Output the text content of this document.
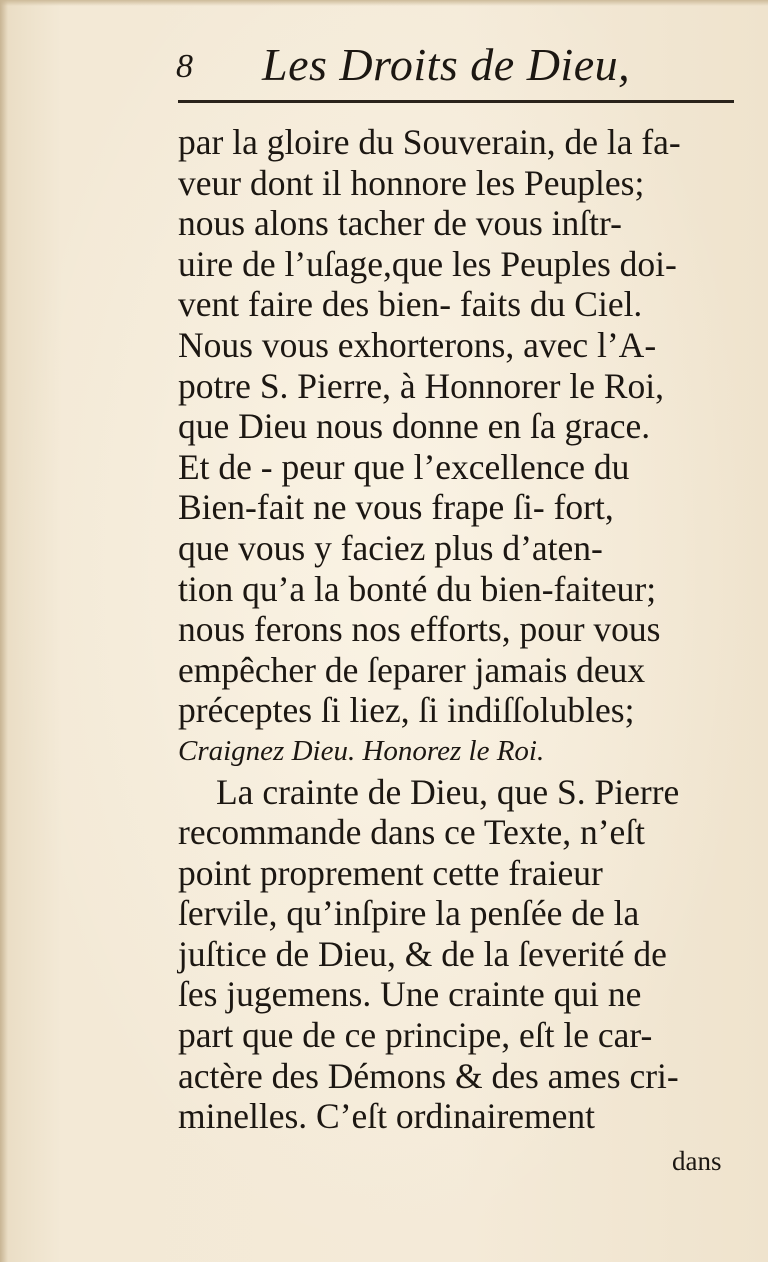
8 Les Droits de Dieu,
par la gloire du Souverain, de la fa-
veur dont il honnore les Peuples;
nous alons tacher de vous inſtr-
uire de l’uſage,que les Peuples doi-
vent faire des bien- faits du Ciel.
Nous vous exhorterons, avec l’A-
potre S. Pierre, à Honnorer le Roi,
que Dieu nous donne en ſa grace.
Et de - peur que l’excellence du
Bien-fait ne vous frape ſi- fort,
que vous y faciez plus d’aten-
tion qu’a la bonté du bien-faiteur;
nous ferons nos efforts, pour vous
empêcher de ſeparer jamais deux
préceptes ſi liez, ſi indiſſolubles;
Craignez Dieu. Honorez le Roi.
La crainte de Dieu, que S. Pierre
recommande dans ce Texte, n’eſt
point proprement cette fraieur
ſervile, qu’inſpire la penſée de la
juſtice de Dieu, & de la ſeverité de
ſes jugemens. Une crainte qui ne
part que de ce principe, eſt le car-
actère des Démons & des ames cri-
minelles. C’eſt ordinairement
dans
